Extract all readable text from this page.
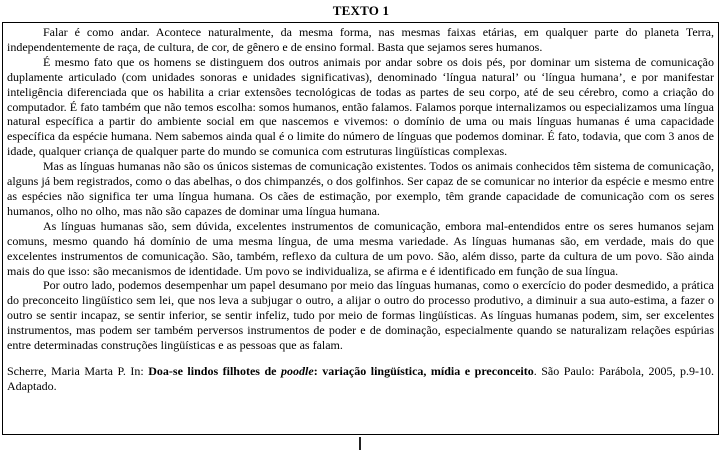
TEXTO 1

Falar é como andar. Acontece naturalmente, da mesma forma, nas mesmas faixas etárias, em qualquer parte do planeta Terra, independentemente de raça, de cultura, de cor, de gênero e de ensino formal. Basta que sejamos seres humanos.

É mesmo fato que os homens se distinguem dos outros animais por andar sobre os dois pés, por dominar um sistema de comunicação duplamente articulado (com unidades sonoras e unidades significativas), denominado ‘língua natural’ ou ‘língua humana’, e por manifestar inteligência diferenciada que os habilita a criar extensões tecnológicas de todas as partes de seu corpo, até de seu cérebro, como a criação do computador. É fato também que não temos escolha: somos humanos, então falamos. Falamos porque internalizamos ou especializamos uma língua natural específica a partir do ambiente social em que nascemos e vivemos: o domínio de uma ou mais línguas humanas é uma capacidade específica da espécie humana. Nem sabemos ainda qual é o limite do número de línguas que podemos dominar. É fato, todavia, que com 3 anos de idade, qualquer criança de qualquer parte do mundo se comunica com estruturas lingüísticas complexas.

Mas as línguas humanas não são os únicos sistemas de comunicação existentes. Todos os animais conhecidos têm sistema de comunicação, alguns já bem registrados, como o das abelhas, o dos chimpanzés, o dos golfinhos. Ser capaz de se comunicar no interior da espécie e mesmo entre as espécies não significa ter uma língua humana. Os cães de estimação, por exemplo, têm grande capacidade de comunicação com os seres humanos, olho no olho, mas não são capazes de dominar uma língua humana.

As línguas humanas são, sem dúvida, excelentes instrumentos de comunicação, embora mal-entendidos entre os seres humanos sejam comuns, mesmo quando há domínio de uma mesma língua, de uma mesma variedade. As línguas humanas são, em verdade, mais do que excelentes instrumentos de comunicação. São, também, reflexo da cultura de um povo. São, além disso, parte da cultura de um povo. São ainda mais do que isso: são mecanismos de identidade. Um povo se individualiza, se afirma e é identificado em função de sua língua.

Por outro lado, podemos desempenhar um papel desumano por meio das línguas humanas, como o exercício do poder desmedido, a prática do preconceito lingüístico sem lei, que nos leva a subjugar o outro, a alijar o outro do processo produtivo, a diminuir a sua auto-estima, a fazer o outro se sentir incapaz, se sentir inferior, se sentir infeliz, tudo por meio de formas lingüísticas. As línguas humanas podem, sim, ser excelentes instrumentos, mas podem ser também perversos instrumentos de poder e de dominação, especialmente quando se naturalizam relações espúrias entre determinadas construções lingüísticas e as pessoas que as falam.

Scherre, Maria Marta P. In: Doa-se lindos filhotes de poodle: variação lingüística, mídia e preconceito. São Paulo: Parábola, 2005, p.9-10. Adaptado.
